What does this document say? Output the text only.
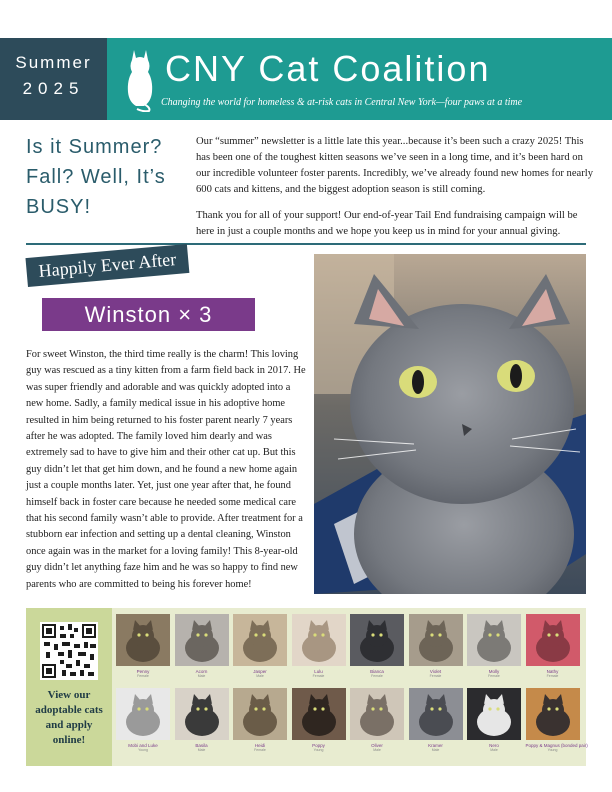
Summer
2025	CNY Cat Coalition
Changing the world for homeless & at-risk cats in Central New York—four paws at a time
Is it Summer? Fall? Well, It’s BUSY!

Our “summer” newsletter is a little late this year...because it’s been such a crazy 2025! This has been one of the toughest kitten seasons we’ve seen in a long time, and it’s been hard on our incredible volunteer foster parents. Incredibly, we’ve already found new homes for nearly 600 cats and kittens, and the biggest adoption season is still coming.

Thank you for all of your support! Our end-of-year Tail End fundraising campaign will be here in just a couple months and we hope you keep us in mind for your annual giving.

Happily Ever After
Winston × 3
For sweet Winston, the third time really is the charm! This loving guy was rescued as a tiny kitten from a farm field back in 2017. He was super friendly and adorable and was quickly adopted into a new home. Sadly, a family medical issue in his adoptive home resulted in him being returned to his foster parent nearly 7 years after he was adopted. The family loved him dearly and was extremely sad to have to give him and their other cat up. But this guy didn’t let that get him down, and he found a new home again just a couple months later. Yet, just one year after that, he found himself back in foster care because he needed some medical care that his second family wasn’t able to provide. After treatment for a stubborn ear infection and setting up a dental cleaning, Winston once again was in the market for a loving family! This 8-year-old guy didn’t let anything faze him and he was so happy to find new parents who are committed to being his forever home!
View our adoptable cats and apply online!
Penny
Female
Acorn
Male
Jasper
Male
Lulu
Female
Bianca
Female
Violet
Female
Molly
Female
Nathy
Female
Mobi and Luke
Young
Basila
Male
Heidi
Female
Poppy
Young
Oliver
Male
Kramer
Male
Nero
Male
Poppy & Magnus (bonded pair)
Young
